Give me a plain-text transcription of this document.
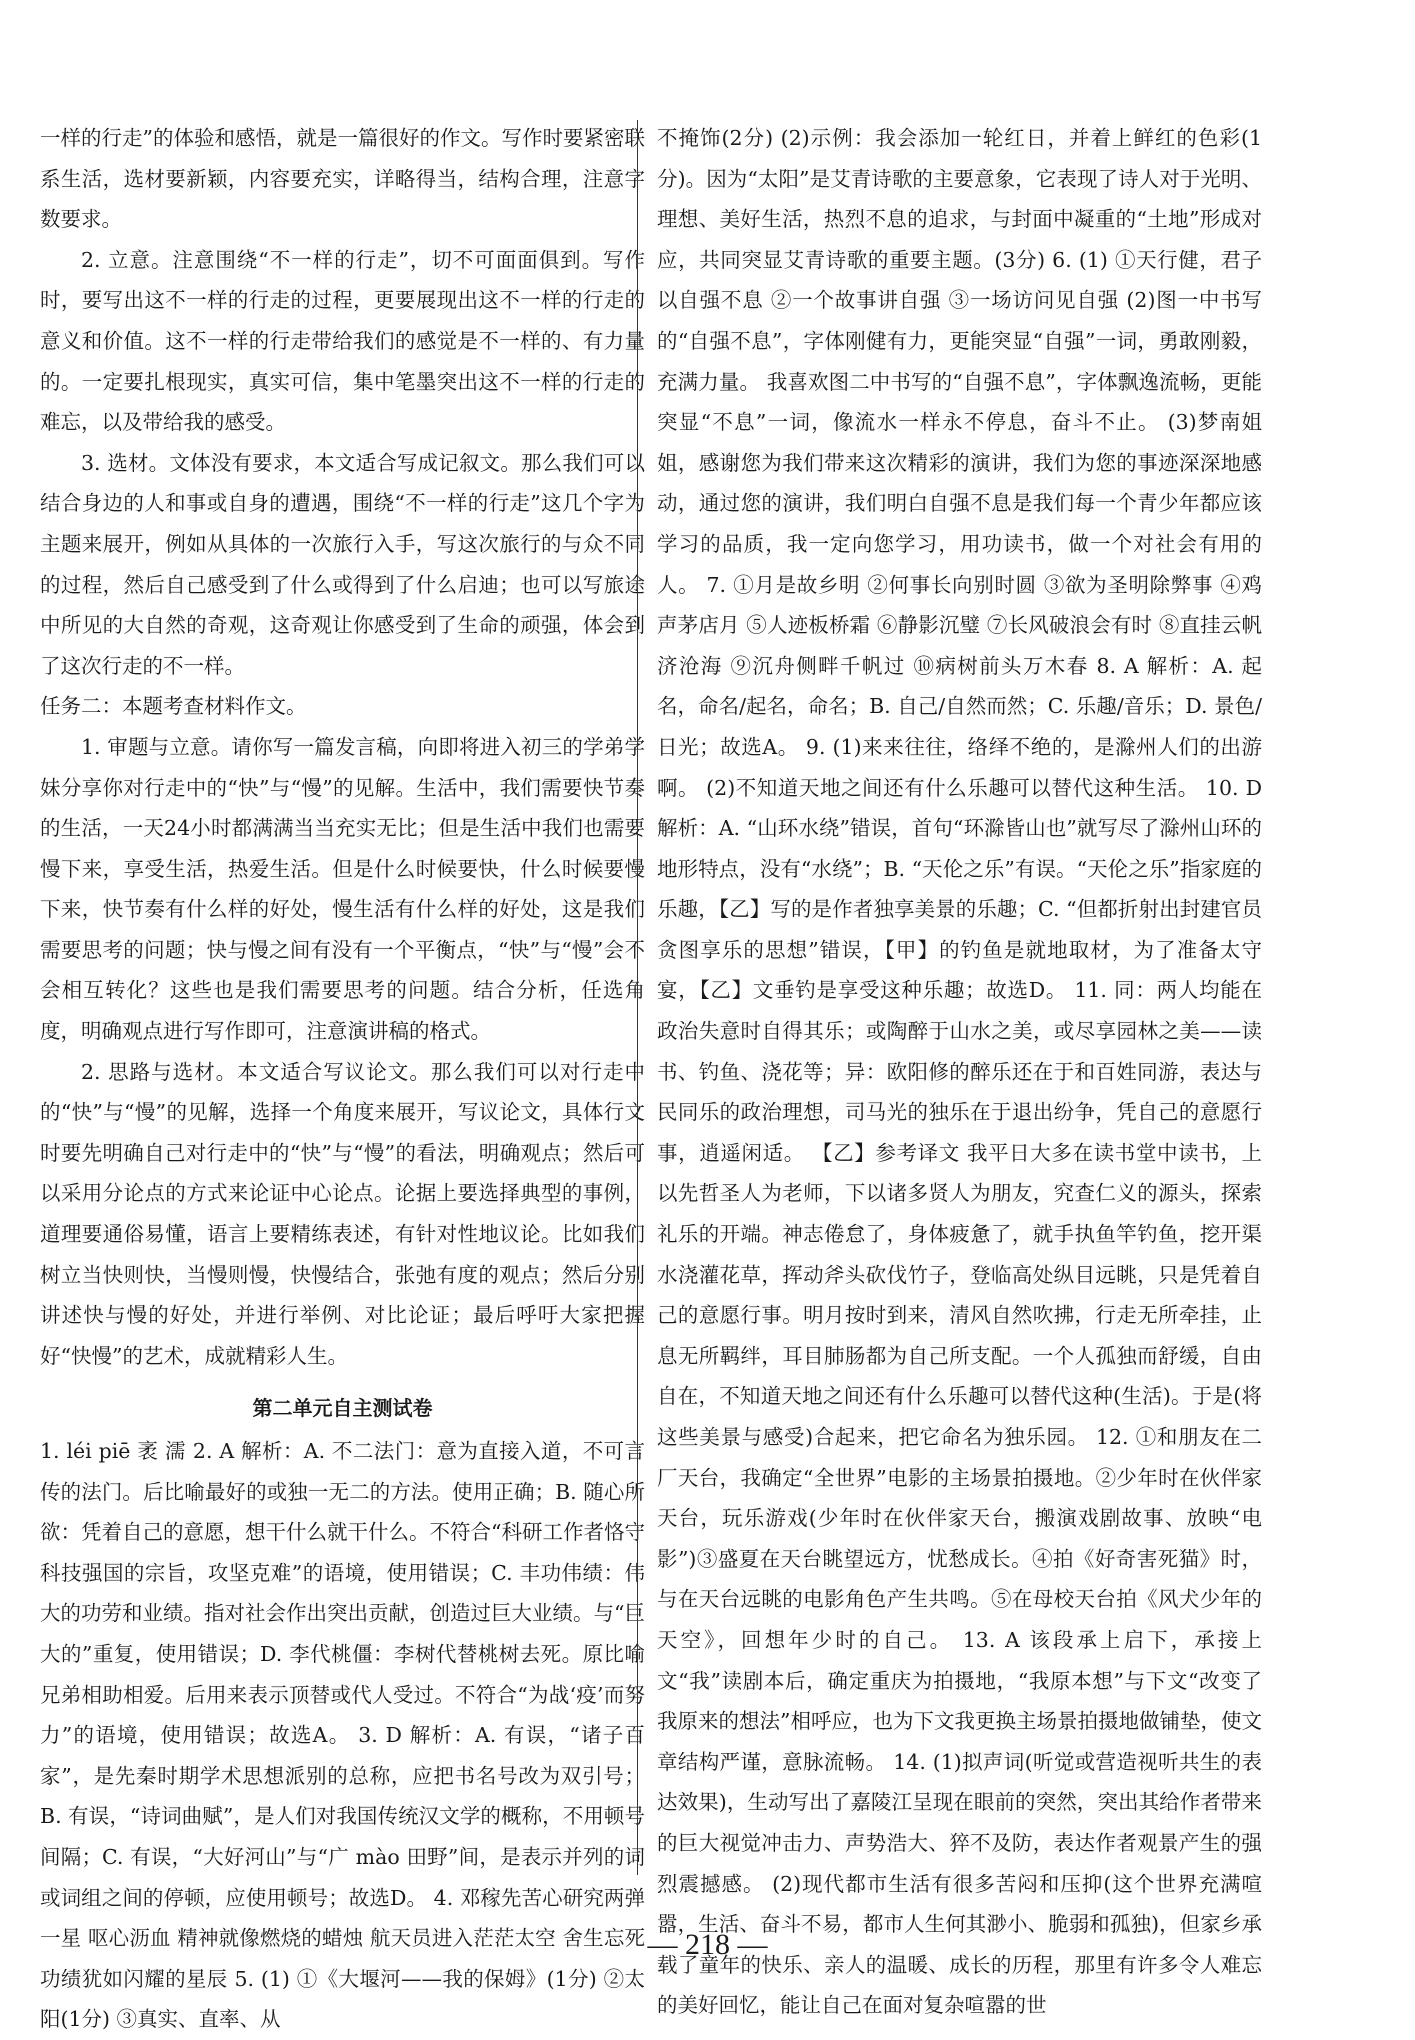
一样的行走”的体验和感悟，就是一篇很好的作文。写作时要紧密联系生活，选材要新颖，内容要充实，详略得当，结构合理，注意字数要求。

2. 立意。注意围绕“不一样的行走”，切不可面面俱到。写作时，要写出这不一样的行走的过程，更要展现出这不一样的行走的意义和价值。这不一样的行走带给我们的感觉是不一样的、有力量的。一定要扎根现实，真实可信，集中笔墨突出这不一样的行走的难忘，以及带给我的感受。

3. 选材。文体没有要求，本文适合写成记叙文。那么我们可以结合身边的人和事或自身的遭遇，围绕“不一样的行走”这几个字为主题来展开，例如从具体的一次旅行入手，写这次旅行的与众不同的过程，然后自己感受到了什么或得到了什么启迪；也可以写旅途中所见的大自然的奇观，这奇观让你感受到了生命的顽强，体会到了这次行走的不一样。

任务二：本题考查材料作文。

1. 审题与立意。请你写一篇发言稿，向即将进入初三的学弟学妹分享你对行走中的“快”与“慢”的见解。生活中，我们需要快节奏的生活，一天24小时都满满当当充实无比；但是生活中我们也需要慢下来，享受生活，热爱生活。但是什么时候要快，什么时候要慢下来，快节奏有什么样的好处，慢生活有什么样的好处，这是我们需要思考的问题；快与慢之间有没有一个平衡点，“快”与“慢”会不会相互转化？这些也是我们需要思考的问题。结合分析，任选角度，明确观点进行写作即可，注意演讲稿的格式。

2. 思路与选材。本文适合写议论文。那么我们可以对行走中的“快”与“慢”的见解，选择一个角度来展开，写议论文，具体行文时要先明确自己对行走中的“快”与“慢”的看法，明确观点；然后可以采用分论点的方式来论证中心论点。论据上要选择典型的事例，道理要通俗易懂，语言上要精练表述，有针对性地议论。比如我们树立当快则快，当慢则慢，快慢结合，张弛有度的观点；然后分别讲述快与慢的好处，并进行举例、对比论证；最后呼吁大家把握好“快慢”的艺术，成就精彩人生。

第二单元自主测试卷

1. léi piē 袤 濡 2. A 解析：A. 不二法门：意为直接入道，不可言传的法门。后比喻最好的或独一无二的方法。使用正确；B. 随心所欲：凭着自己的意愿，想干什么就干什么。不符合“科研工作者恪守科技强国的宗旨，攻坚克难”的语境，使用错误；C. 丰功伟绩：伟大的功劳和业绩。指对社会作出突出贡献，创造过巨大业绩。与“巨大的”重复，使用错误；D. 李代桃僵：李树代替桃树去死。原比喻兄弟相助相爱。后用来表示顶替或代人受过。不符合“为战‘疫’而努力”的语境，使用错误；故选A。 3. D 解析：A. 有误，“诸子百家”，是先秦时期学术思想派别的总称，应把书名号改为双引号；B. 有误，“诗词曲赋”，是人们对我国传统汉文学的概称，不用顿号间隔；C. 有误，“大好河山”与“广 mào 田野”间，是表示并列的词或词组之间的停顿，应使用顿号；故选D。 4. 邓稼先苦心研究两弹一星 呕心沥血 精神就像燃烧的蜡烛 航天员进入茫茫太空 舍生忘死 功绩犹如闪耀的星辰 5. (1) ①《大堰河——我的保姆》(1分) ②太阳(1分) ③真实、直率、从

不掩饰(2分) (2)示例：我会添加一轮红日，并着上鲜红的色彩(1分)。因为“太阳”是艾青诗歌的主要意象，它表现了诗人对于光明、理想、美好生活，热烈不息的追求，与封面中凝重的“土地”形成对应，共同突显艾青诗歌的重要主题。(3分) 6. (1) ①天行健，君子以自强不息 ②一个故事讲自强 ③一场访问见自强 (2)图一中书写的“自强不息”，字体刚健有力，更能突显“自强”一词，勇敢刚毅，充满力量。 我喜欢图二中书写的“自强不息”，字体飘逸流畅，更能突显“不息”一词，像流水一样永不停息，奋斗不止。 (3)梦南姐姐，感谢您为我们带来这次精彩的演讲，我们为您的事迹深深地感动，通过您的演讲，我们明白自强不息是我们每一个青少年都应该学习的品质，我一定向您学习，用功读书，做一个对社会有用的人。 7. ①月是故乡明 ②何事长向别时圆 ③欲为圣明除弊事 ④鸡声茅店月 ⑤人迹板桥霜 ⑥静影沉璧 ⑦长风破浪会有时 ⑧直挂云帆济沧海 ⑨沉舟侧畔千帆过 ⑩病树前头万木春 8. A 解析：A. 起名，命名/起名，命名；B. 自己/自然而然；C. 乐趣/音乐；D. 景色/日光；故选A。 9. (1)来来往往，络绎不绝的，是滁州人们的出游啊。 (2)不知道天地之间还有什么乐趣可以替代这种生活。 10. D 解析：A. “山环水绕”错误，首句“环滁皆山也”就写尽了滁州山环的地形特点，没有“水绕”；B. “天伦之乐”有误。“天伦之乐”指家庭的乐趣，【乙】写的是作者独享美景的乐趣；C. “但都折射出封建官员贪图享乐的思想”错误，【甲】的钓鱼是就地取材，为了准备太守宴，【乙】文垂钓是享受这种乐趣；故选D。 11. 同：两人均能在政治失意时自得其乐；或陶醉于山水之美，或尽享园林之美——读书、钓鱼、浇花等；异：欧阳修的醉乐还在于和百姓同游，表达与民同乐的政治理想，司马光的独乐在于退出纷争，凭自己的意愿行事，逍遥闲适。 【乙】参考译文 我平日大多在读书堂中读书，上以先哲圣人为老师，下以诸多贤人为朋友，究查仁义的源头，探索礼乐的开端。神志倦怠了，身体疲惫了，就手执鱼竿钓鱼，挖开渠水浇灌花草，挥动斧头砍伐竹子，登临高处纵目远眺，只是凭着自己的意愿行事。明月按时到来，清风自然吹拂，行走无所牵挂，止息无所羁绊，耳目肺肠都为自己所支配。一个人孤独而舒缓，自由自在，不知道天地之间还有什么乐趣可以替代这种(生活)。于是(将这些美景与感受)合起来，把它命名为独乐园。 12. ①和朋友在二厂天台，我确定“全世界”电影的主场景拍摄地。②少年时在伙伴家天台，玩乐游戏(少年时在伙伴家天台，搬演戏剧故事、放映“电影”)③盛夏在天台眺望远方，忧愁成长。④拍《好奇害死猫》时，与在天台远眺的电影角色产生共鸣。⑤在母校天台拍《风犬少年的天空》，回想年少时的自己。 13. A 该段承上启下，承接上文“我”读剧本后，确定重庆为拍摄地，“我原本想”与下文“改变了我原来的想法”相呼应，也为下文我更换主场景拍摄地做铺垫，使文章结构严谨，意脉流畅。 14. (1)拟声词(听觉或营造视听共生的表达效果)，生动写出了嘉陵江呈现在眼前的突然，突出其给作者带来的巨大视觉冲击力、声势浩大、猝不及防，表达作者观景产生的强烈震撼感。 (2)现代都市生活有很多苦闷和压抑(这个世界充满喧嚣，生活、奋斗不易，都市人生何其渺小、脆弱和孤独)，但家乡承载了童年的快乐、亲人的温暖、成长的历程，那里有许多令人难忘的美好回忆，能让自己在面对复杂喧嚣的世

— 218 —
